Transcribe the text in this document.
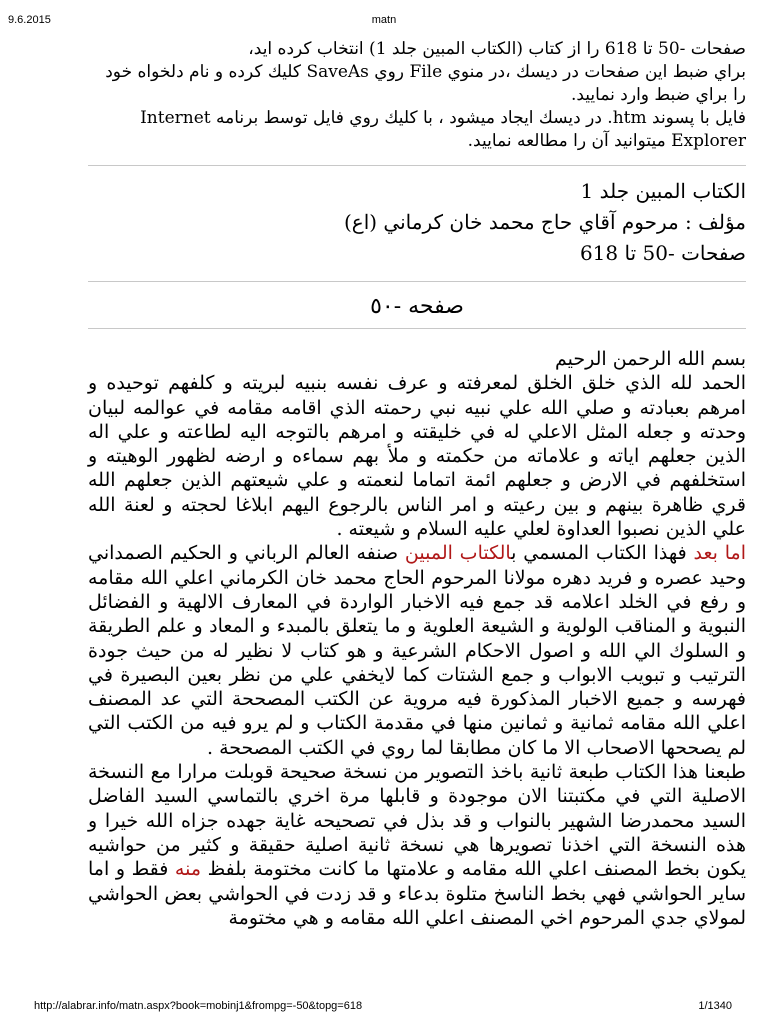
9.6.2015	matn

صفحات -50 تا 618 را از كتاب (الكتاب المبين جلد 1) انتخاب كرده ايد،

براي ضبط اين صفحات در ديسك ،در منوي File روي SaveAs كليك كرده و نام دلخواه خود را براي ضبط وارد نماييد.

فايل با پسوند htm. در ديسك ايجاد ميشود ، با كليك روي فايل توسط برنامه Internet Explorer ميتوانيد آن را مطالعه نماييد.

الكتاب المبين جلد 1

مؤلف : مرحوم آقاي حاج محمد خان كرماني (اع)

صفحات -50 تا 618

صفحه -٥٠

بسم الله الرحمن الرحيم

الحمد لله الذي خلق الخلق لمعرفته و عرف نفسه بنبيه لبريته و كلفهم توحيده و امرهم بعبادته و صلي الله علي نبيه نبي رحمته الذي اقامه مقامه في عوالمه لبيان وحدته و جعله المثل الاعلي له في خليقته و امرهم بالتوجه اليه لطاعته و علي اله الذين جعلهم اياته و علاماته من حكمته و ملأ بهم سماءه و ارضه لظهور الوهيته و استخلفهم في الارض و جعلهم ائمة اتماما لنعمته و علي شيعتهم الذين جعلهم الله قري ظاهرة بينهم و بين رعيته و امر الناس بالرجوع اليهم ابلاغا لحجته و لعنة الله علي الذين نصبوا العداوة لعلي عليه السلام و شيعته .

اما بعد فهذا الكتاب المسمي بالكتاب المبين صنفه العالم الرباني و الحكيم الصمداني وحيد عصره و فريد دهره مولانا المرحوم الحاج محمد خان الكرماني اعلي الله مقامه و رفع في الخلد اعلامه قد جمع فيه الاخبار الواردة في المعارف الالهية و الفضائل النبوية و المناقب الولوية و الشيعة العلوية و ما يتعلق بالمبدء و المعاد و علم الطريقة و السلوك الي الله و اصول الاحكام الشرعية و هو كتاب لا نظير له من حيث جودة الترتيب و تبويب الابواب و جمع الشتات كما لايخفي علي من نظر بعين البصيرة في فهرسه و جميع الاخبار المذكورة فيه مروية عن الكتب المصححة التي عد المصنف اعلي الله مقامه ثمانية و ثمانين منها في مقدمة الكتاب و لم يرو فيه من الكتب التي لم يصححها الاصحاب الا ما كان مطابقا لما روي في الكتب المصححة .

طبعنا هذا الكتاب طبعة ثانية باخذ التصوير من نسخة صحيحة قوبلت مرارا مع النسخة الاصلية التي في مكتبتنا الان موجودة و قابلها مرة اخري بالتماسي السيد الفاضل السيد محمدرضا الشهير بالنواب و قد بذل في تصحيحه غاية جهده جزاه الله خيرا و هذه النسخة التي اخذنا تصويرها هي نسخة ثانية اصلية حقيقة و كثير من حواشيه يكون بخط المصنف اعلي الله مقامه و علامتها ما كانت مختومة بلفظ منه فقط و اما ساير الحواشي فهي بخط الناسخ متلوة بدعاء و قد زدت في الحواشي بعض الحواشي لمولاي جدي المرحوم اخي المصنف اعلي الله مقامه و هي مختومة

http://alabrar.info/matn.aspx?book=mobinj1&frompg=-50&topg=618	1/1340
